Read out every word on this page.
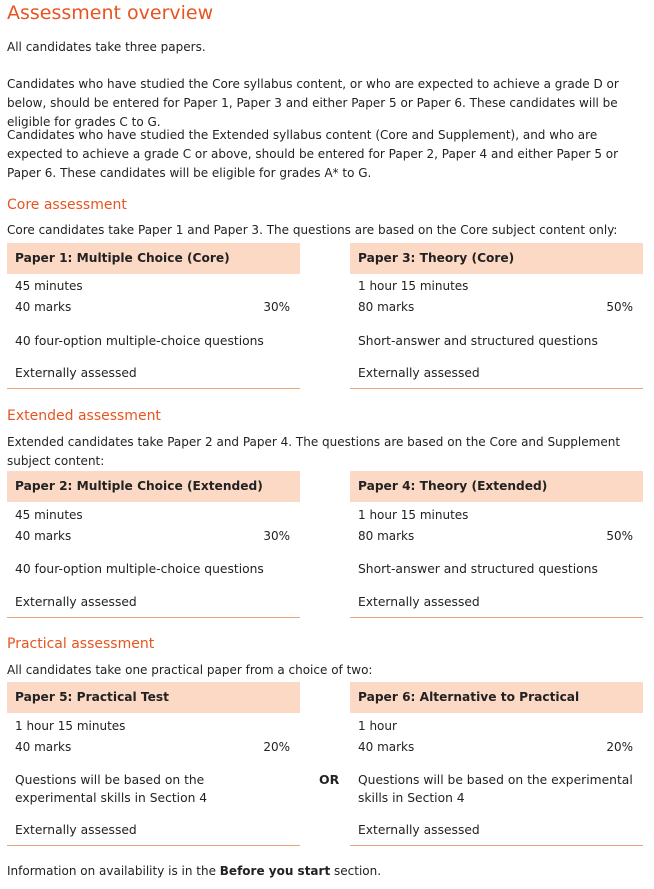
Assessment overview
All candidates take three papers.
Candidates who have studied the Core syllabus content, or who are expected to achieve a grade D or below, should be entered for Paper 1, Paper 3 and either Paper 5 or Paper 6. These candidates will be eligible for grades C to G.
Candidates who have studied the Extended syllabus content (Core and Supplement), and who are expected to achieve a grade C or above, should be entered for Paper 2, Paper 4 and either Paper 5 or Paper 6. These candidates will be eligible for grades A* to G.
Core assessment
Core candidates take Paper 1 and Paper 3. The questions are based on the Core subject content only:
Paper 1: Multiple Choice (Core)
45 minutes
40 marks	30%
40 four-option multiple-choice questions
Externally assessed
Paper 3: Theory (Core)
1 hour 15 minutes
80 marks	50%
Short-answer and structured questions
Externally assessed
Extended assessment
Extended candidates take Paper 2 and Paper 4. The questions are based on the Core and Supplement subject content:
Paper 2: Multiple Choice (Extended)
45 minutes
40 marks	30%
40 four-option multiple-choice questions
Externally assessed
Paper 4: Theory (Extended)
1 hour 15 minutes
80 marks	50%
Short-answer and structured questions
Externally assessed
Practical assessment
All candidates take one practical paper from a choice of two:
Paper 5: Practical Test
1 hour 15 minutes
40 marks	20%
Questions will be based on the experimental skills in Section 4
Externally assessed
OR
Paper 6: Alternative to Practical
1 hour
40 marks	20%
Questions will be based on the experimental skills in Section 4
Externally assessed
Information on availability is in the Before you start section.
